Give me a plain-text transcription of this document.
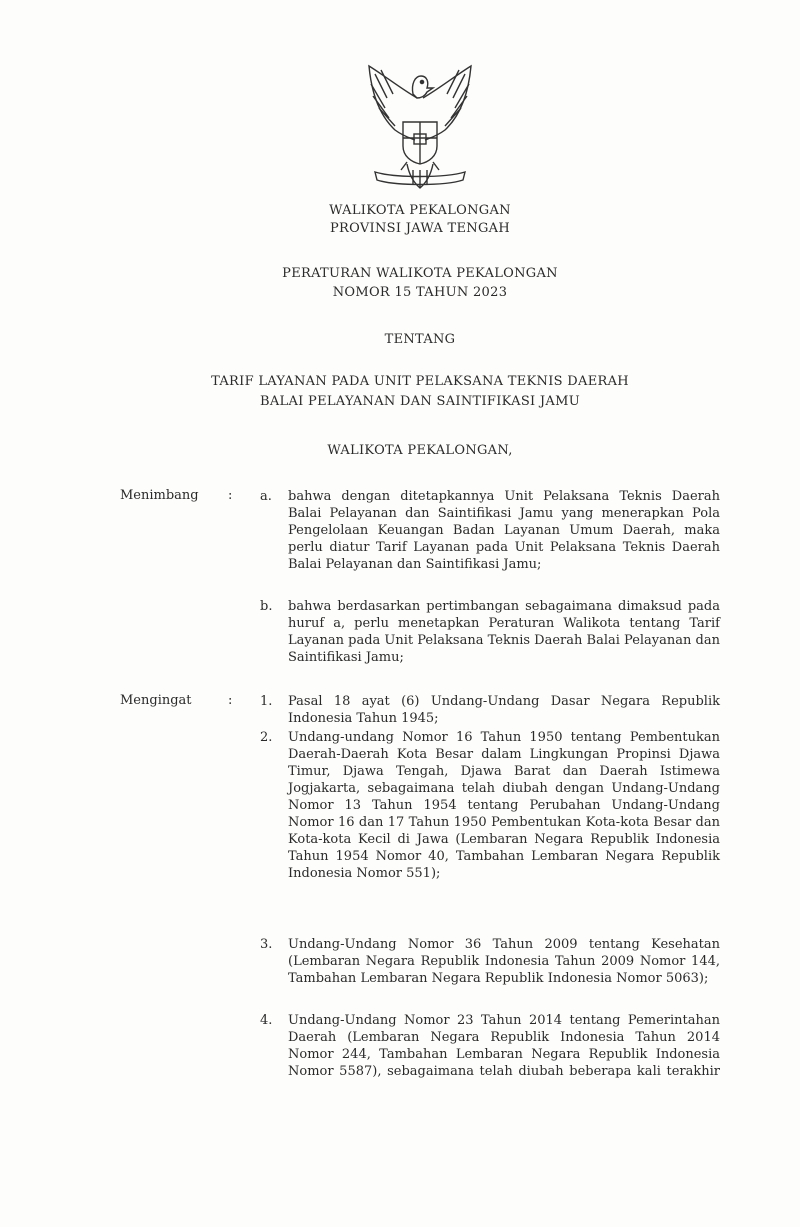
WALIKOTA PEKALONGAN
PROVINSI JAWA TENGAH
PERATURAN WALIKOTA PEKALONGAN
NOMOR 15 TAHUN 2023
TENTANG
TARIF LAYANAN PADA UNIT PELAKSANA TEKNIS DAERAH
BALAI PELAYANAN DAN SAINTIFIKASI JAMU
WALIKOTA PEKALONGAN,
Menimbang : a.	bahwa dengan ditetapkannya Unit Pelaksana Teknis Daerah Balai Pelayanan dan Saintifikasi Jamu yang menerapkan Pola Pengelolaan Keuangan Badan Layanan Umum Daerah, maka perlu diatur Tarif Layanan pada Unit Pelaksana Teknis Daerah Balai Pelayanan dan Saintifikasi Jamu;
b.	bahwa berdasarkan pertimbangan sebagaimana dimaksud pada huruf a, perlu menetapkan Peraturan Walikota tentang Tarif Layanan pada Unit Pelaksana Teknis Daerah Balai Pelayanan dan Saintifikasi Jamu;
Mengingat	: 1.	Pasal 18 ayat (6) Undang-Undang Dasar Negara Republik Indonesia Tahun 1945;
2.	Undang-undang Nomor 16 Tahun 1950 tentang Pembentukan Daerah-Daerah Kota Besar dalam Lingkungan Propinsi Djawa Timur, Djawa Tengah, Djawa Barat dan Daerah Istimewa Jogjakarta, sebagaimana telah diubah dengan Undang-Undang Nomor 13 Tahun 1954 tentang Perubahan Undang-Undang Nomor 16 dan 17 Tahun 1950 Pembentukan Kota-kota Besar dan Kota-kota Kecil di Jawa (Lembaran Negara Republik Indonesia Tahun 1954 Nomor 40, Tambahan Lembaran Negara Republik Indonesia Nomor 551);
3.	Undang-Undang Nomor 36 Tahun 2009 tentang Kesehatan (Lembaran Negara Republik Indonesia Tahun 2009 Nomor 144, Tambahan Lembaran Negara Republik Indonesia Nomor 5063);
4.	Undang-Undang Nomor 23 Tahun 2014 tentang Pemerintahan Daerah (Lembaran Negara Republik Indonesia Tahun 2014 Nomor 244, Tambahan Lembaran Negara Republik Indonesia Nomor 5587), sebagaimana telah diubah beberapa kali terakhir
